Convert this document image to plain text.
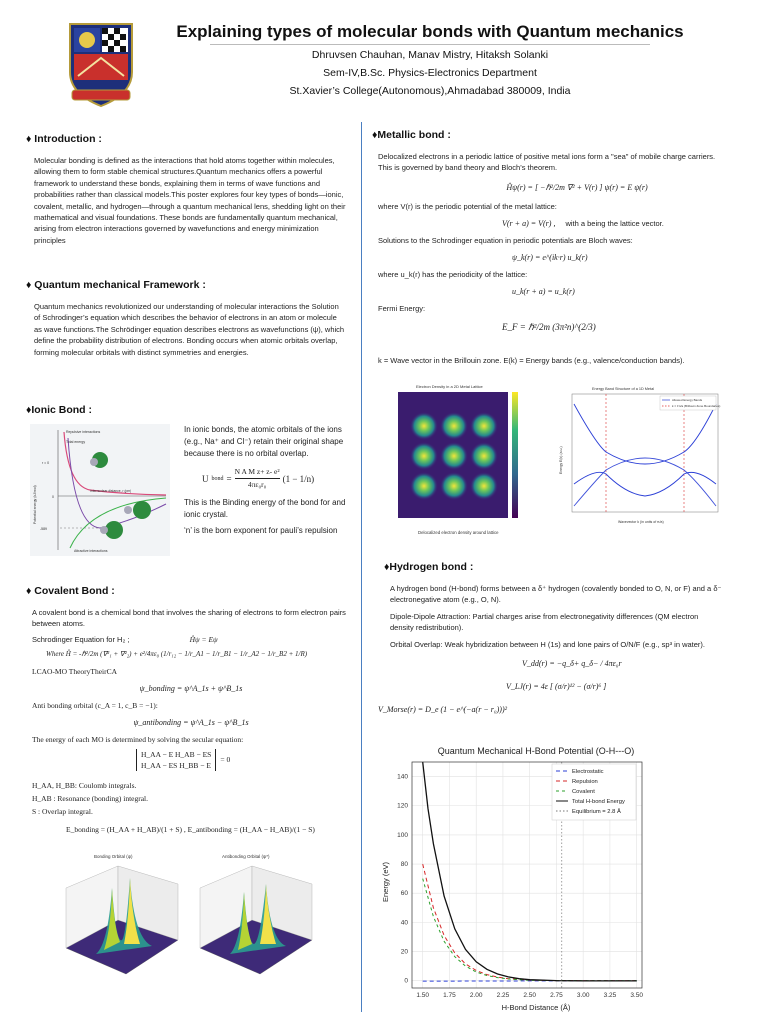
Explaining types of molecular bonds with Quantum mechanics
Dhruvsen Chauhan, Manav Mistry, Hitaksh Solanki
Sem-IV,B.Sc. Physics-Electronics Department
St.Xavier’s College(Autonomous),Ahmadabad 380009, India
♦ Introduction :
Molecular bonding is defined as the interactions that hold atoms together within molecules, allowing them to form stable chemical structures.Quantum mechanics offers a powerful framework to understand these bonds, explaining them in terms of wave functions and probabilities rather than classical models.This poster explores four key types of bonds—ionic, covalent, metallic, and hydrogen—through a quantum mechanical lens, shedding light on their mathematical and visual foundations. These bonds are fundamentally quantum mechanical, arising from electron interactions governed by wavefunctions and energy minimization principles
♦ Quantum mechanical Framework :
Quantum mechanics revolutionized our understanding of molecular interactions the Solution of Schrodinger’s equation which describes the behavior of electrons in an atom or molecule as wave functions.The Schrödinger equation describes electrons as wavefunctions (ψ), which define the probability distribution of electrons. Bonding occurs when atomic orbitals overlap, forming molecular orbitals with distinct symmetries and energies.
♦Ionic Bond :
Repulsive interactions
Total energy
Internuclear distance, r (pm)
Attractive interactions
Potential energy (kJ/mol)
r = 0
0
-589
In ionic bonds, the atomic orbitals of the ions (e.g., Na⁺ and Cl⁻) retain their original shape because there is no orbital overlap.
U bond = $\frac{\text{N A M z+ z- e²}}{\text{4πε₀r₀}} (1 - 1/n)$
This is the Binding energy of the bond for and ionic crystal.
‘n’ is the born exponent for pauli’s repulsion
♦ Covalent Bond :
A covalent bond is a chemical bond that involves the sharing of electrons to form electron pairs between atoms.
Schrodinger Equation for H₂ ;	Ĥψ = Eψ
Where Ĥ = -ℏ²/2m (∇²₁ + ∇²₂) + e²/4πε₀ (1/r₁₂ − 1/r_A1 − 1/r_B1 − 1/r_A2 − 1/r_B2 + 1/R)
LCAO-MO TheoryTheirCA
ψ_bonding = ψ^A_1s + ψ^B_1s
Anti bonding orbital (c_A = 1, c_B = −1):
ψ_antibonding = ψ^A_1s − ψ^B_1s
The energy of each MO is determined by solving the secular equation:
H_AA − E H_AB − ES
H_AA − ES H_BB − E
= 0
H_AA, H_BB: Coulomb integrals.
H_AB : Resonance (bonding) integral.
S : Overlap integral.
E_bonding = (H_AA + H_AB)/(1 + S) , E_antibonding = (H_AA − H_AB)/(1 − S)
Bonding Orbital (ψ)	Antibonding Orbital (ψ*)
♦Metallic bond :
Delocalized electrons in a periodic lattice of positive metal ions form a "sea" of mobile charge carriers. This is governed by band theory and Bloch’s theorem.
Ĥψ(r) = [ −ℏ²/2m ∇² + V(r) ] ψ(r) = E ψ(r)
where V(r) is the periodic potential of the metal lattice:
V(r + a) = V(r) , with a being the lattice vector.
Solutions to the Schrodinger equation in periodic potentials are Bloch waves:
ψ_k(r) = e^(ik·r) u_k(r)
where u_k(r) has the periodicity of the lattice:
u_k(r + a) = u_k(r)
Fermi Energy:
E_F = ℏ²/2m (3π²n)^(2/3)
k = Wave vector in the Brillouin zone. E(k) = Energy bands (e.g., valence/conduction bands).
Electron Density in a 2D Metal Lattice
Delocalized electron density around lattice
Energy Band Structure of a 1D Metal
Allowed Energy Bands
k = ±π/a (Brillouin Zone Boundaries)
Wavevector k (in units of π/a)
Energy E(k) (a.u.)
♦Hydrogen bond :
A hydrogen bond (H-bond) forms between a δ⁺ hydrogen (covalently bonded to O, N, or F) and a δ⁻ electronegative atom (e.g., O, N).
Dipole-Dipole Attraction: Partial charges arise from electronegativity differences (QM electron density redistribution).
Orbital Overlap: Weak hybridization between H (1s) and lone pairs of O/N/F (e.g., sp³ in water).
V_dd(r) = −q_δ+ q_δ− / 4πε₀r
V_LJ(r) = 4ε [ (σ/r)¹² − (σ/r)⁶ ]
V_Morse(r) = D_e (1 − e^(−a(r − r₀)))²
Quantum Mechanical H-Bond Potential (O-H---O)
H-Bond Distance (Å)
Energy (eV)
1.50 1.75 2.00 2.25 2.50 2.75 3.00 3.25 3.50
0
20
40
60
80
100
120
140
Electrostatic
Repulsion
Covalent
Total H-bond Energy
Equilibrium = 2.8 Å
